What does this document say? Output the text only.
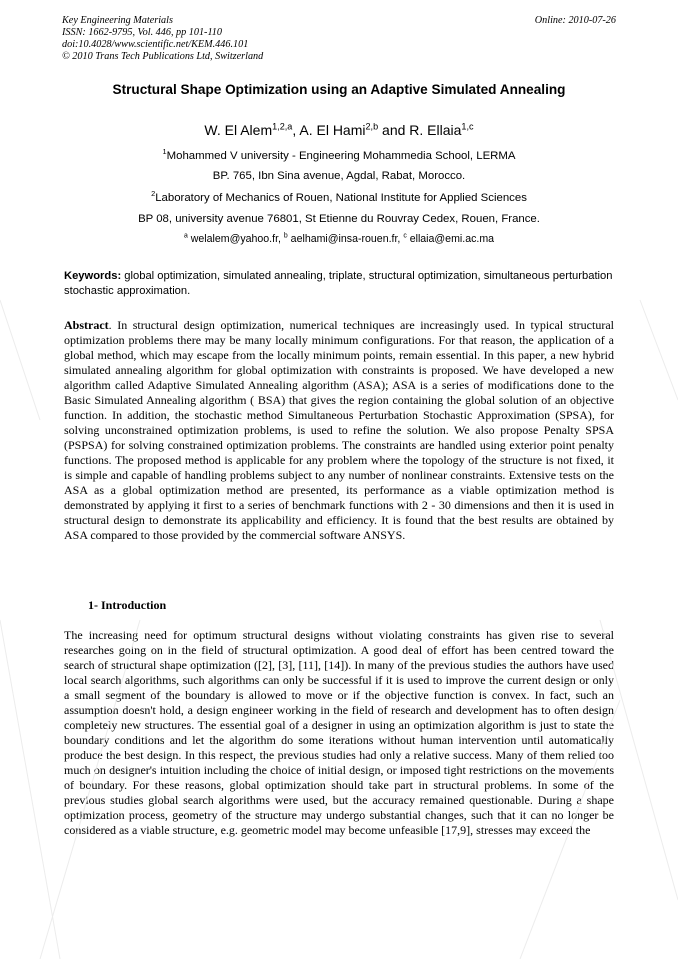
Key Engineering Materials
ISSN: 1662-9795, Vol. 446, pp 101-110
doi:10.4028/www.scientific.net/KEM.446.101
© 2010 Trans Tech Publications Ltd, Switzerland
Online: 2010-07-26
Structural Shape Optimization using an Adaptive Simulated Annealing
W. El Alem$^{1,2,a}$, A. El Hami$^{2,b}$ and R. Ellaia$^{1,c}$
$^1$Mohammed V university - Engineering Mohammedia School, LERMA
BP. 765, Ibn Sina avenue, Agdal, Rabat, Morocco.
$^2$Laboratory of Mechanics of Rouen, National Institute for Applied Sciences
BP 08, university avenue 76801, St Etienne du Rouvray Cedex, Rouen, France.
$^a$ welalem@yahoo.fr, $^b$ aelhami@insa-rouen.fr, $^c$ ellaia@emi.ac.ma
Keywords: global optimization, simulated annealing, triplate, structural optimization, simultaneous perturbation stochastic approximation.
Abstract. In structural design optimization, numerical techniques are increasingly used. In typical structural optimization problems there may be many locally minimum configurations. For that reason, the application of a global method, which may escape from the locally minimum points, remain essential. In this paper, a new hybrid simulated annealing algorithm for global optimization with constraints is proposed. We have developed a new algorithm called Adaptive Simulated Annealing algorithm (ASA); ASA is a series of modifications done to the Basic Simulated Annealing algorithm ( BSA) that gives the region containing the global solution of an objective function. In addition, the stochastic method Simultaneous Perturbation Stochastic Approximation (SPSA), for solving unconstrained optimization problems, is used to refine the solution. We also propose Penalty SPSA (PSPSA) for solving constrained optimization problems. The constraints are handled using exterior point penalty functions. The proposed method is applicable for any problem where the topology of the structure is not fixed, it is simple and capable of handling problems subject to any number of nonlinear constraints. Extensive tests on the ASA as a global optimization method are presented, its performance as a viable optimization method is demonstrated by applying it first to a series of benchmark functions with 2 - 30 dimensions and then it is used in structural design to demonstrate its applicability and efficiency. It is found that the best results are obtained by ASA compared to those provided by the commercial software ANSYS.
1- Introduction
The increasing need for optimum structural designs without violating constraints has given rise to several researches going on in the field of structural optimization. A good deal of effort has been centred toward the search of structural shape optimization ([2], [3], [11], [14]). In many of the previous studies the authors have used local search algorithms, such algorithms can only be successful if it is used to improve the current design or only a small segment of the boundary is allowed to move or if the objective function is convex. In fact, such an assumption doesn't hold, a design engineer working in the field of research and development has to often design completely new structures. The essential goal of a designer in using an optimization algorithm is just to state the boundary conditions and let the algorithm do some iterations without human intervention until automatically produce the best design. In this respect, the previous studies had only a relative success. Many of them relied too much on designer's intuition including the choice of initial design, or imposed tight restrictions on the movements of boundary. For these reasons, global optimization should take part in structural problems. In some of the previous studies global search algorithms were used, but the accuracy remained questionable. During a shape optimization process, geometry of the structure may undergo substantial changes, such that it can no longer be considered as a viable structure, e.g. geometric model may become unfeasible [17,9], stresses may exceed the
